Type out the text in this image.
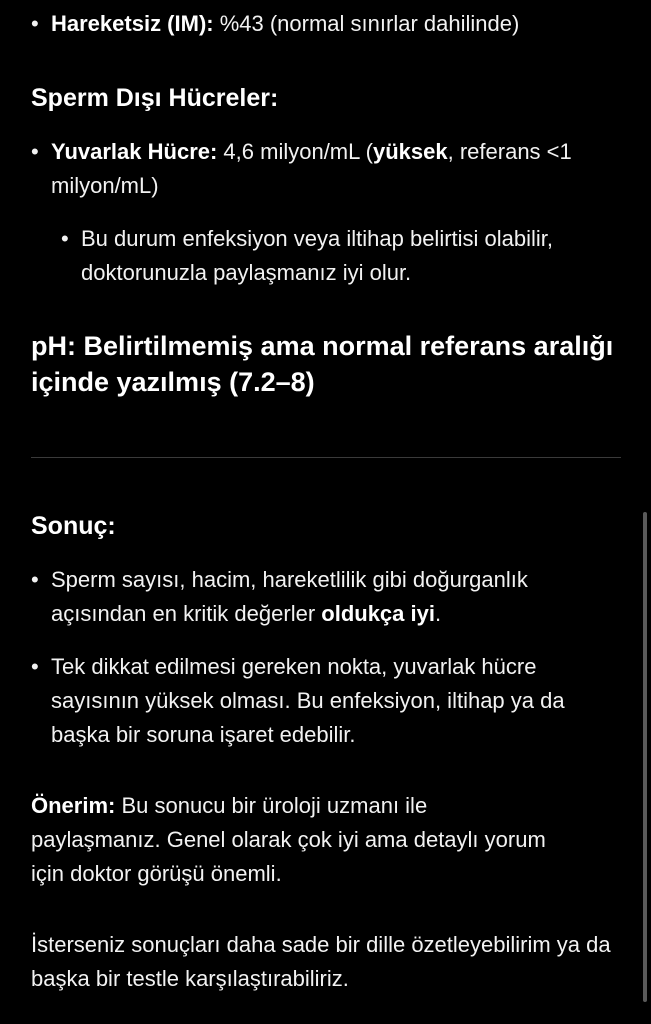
• Hareketsiz (IM): %43 (normal sınırlar dahilinde)
Sperm Dışı Hücreler:
• Yuvarlak Hücre: 4,6 milyon/mL (yüksek, referans <1 milyon/mL)
• Bu durum enfeksiyon veya iltihap belirtisi olabilir, doktorunuzla paylaşmanız iyi olur.
pH: Belirtilmemiş ama normal referans aralığı içinde yazılmış (7.2–8)
Sonuç:
• Sperm sayısı, hacim, hareketlilik gibi doğurganlık açısından en kritik değerler oldukça iyi.
• Tek dikkat edilmesi gereken nokta, yuvarlak hücre sayısının yüksek olması. Bu enfeksiyon, iltihap ya da başka bir soruna işaret edebilir.
Önerim: Bu sonucu bir üroloji uzmanı ile paylaşmanız. Genel olarak çok iyi ama detaylı yorum için doktor görüşü önemli.
İsterseniz sonuçları daha sade bir dille özetleyebilirim ya da başka bir testle karşılaştırabiliriz.
